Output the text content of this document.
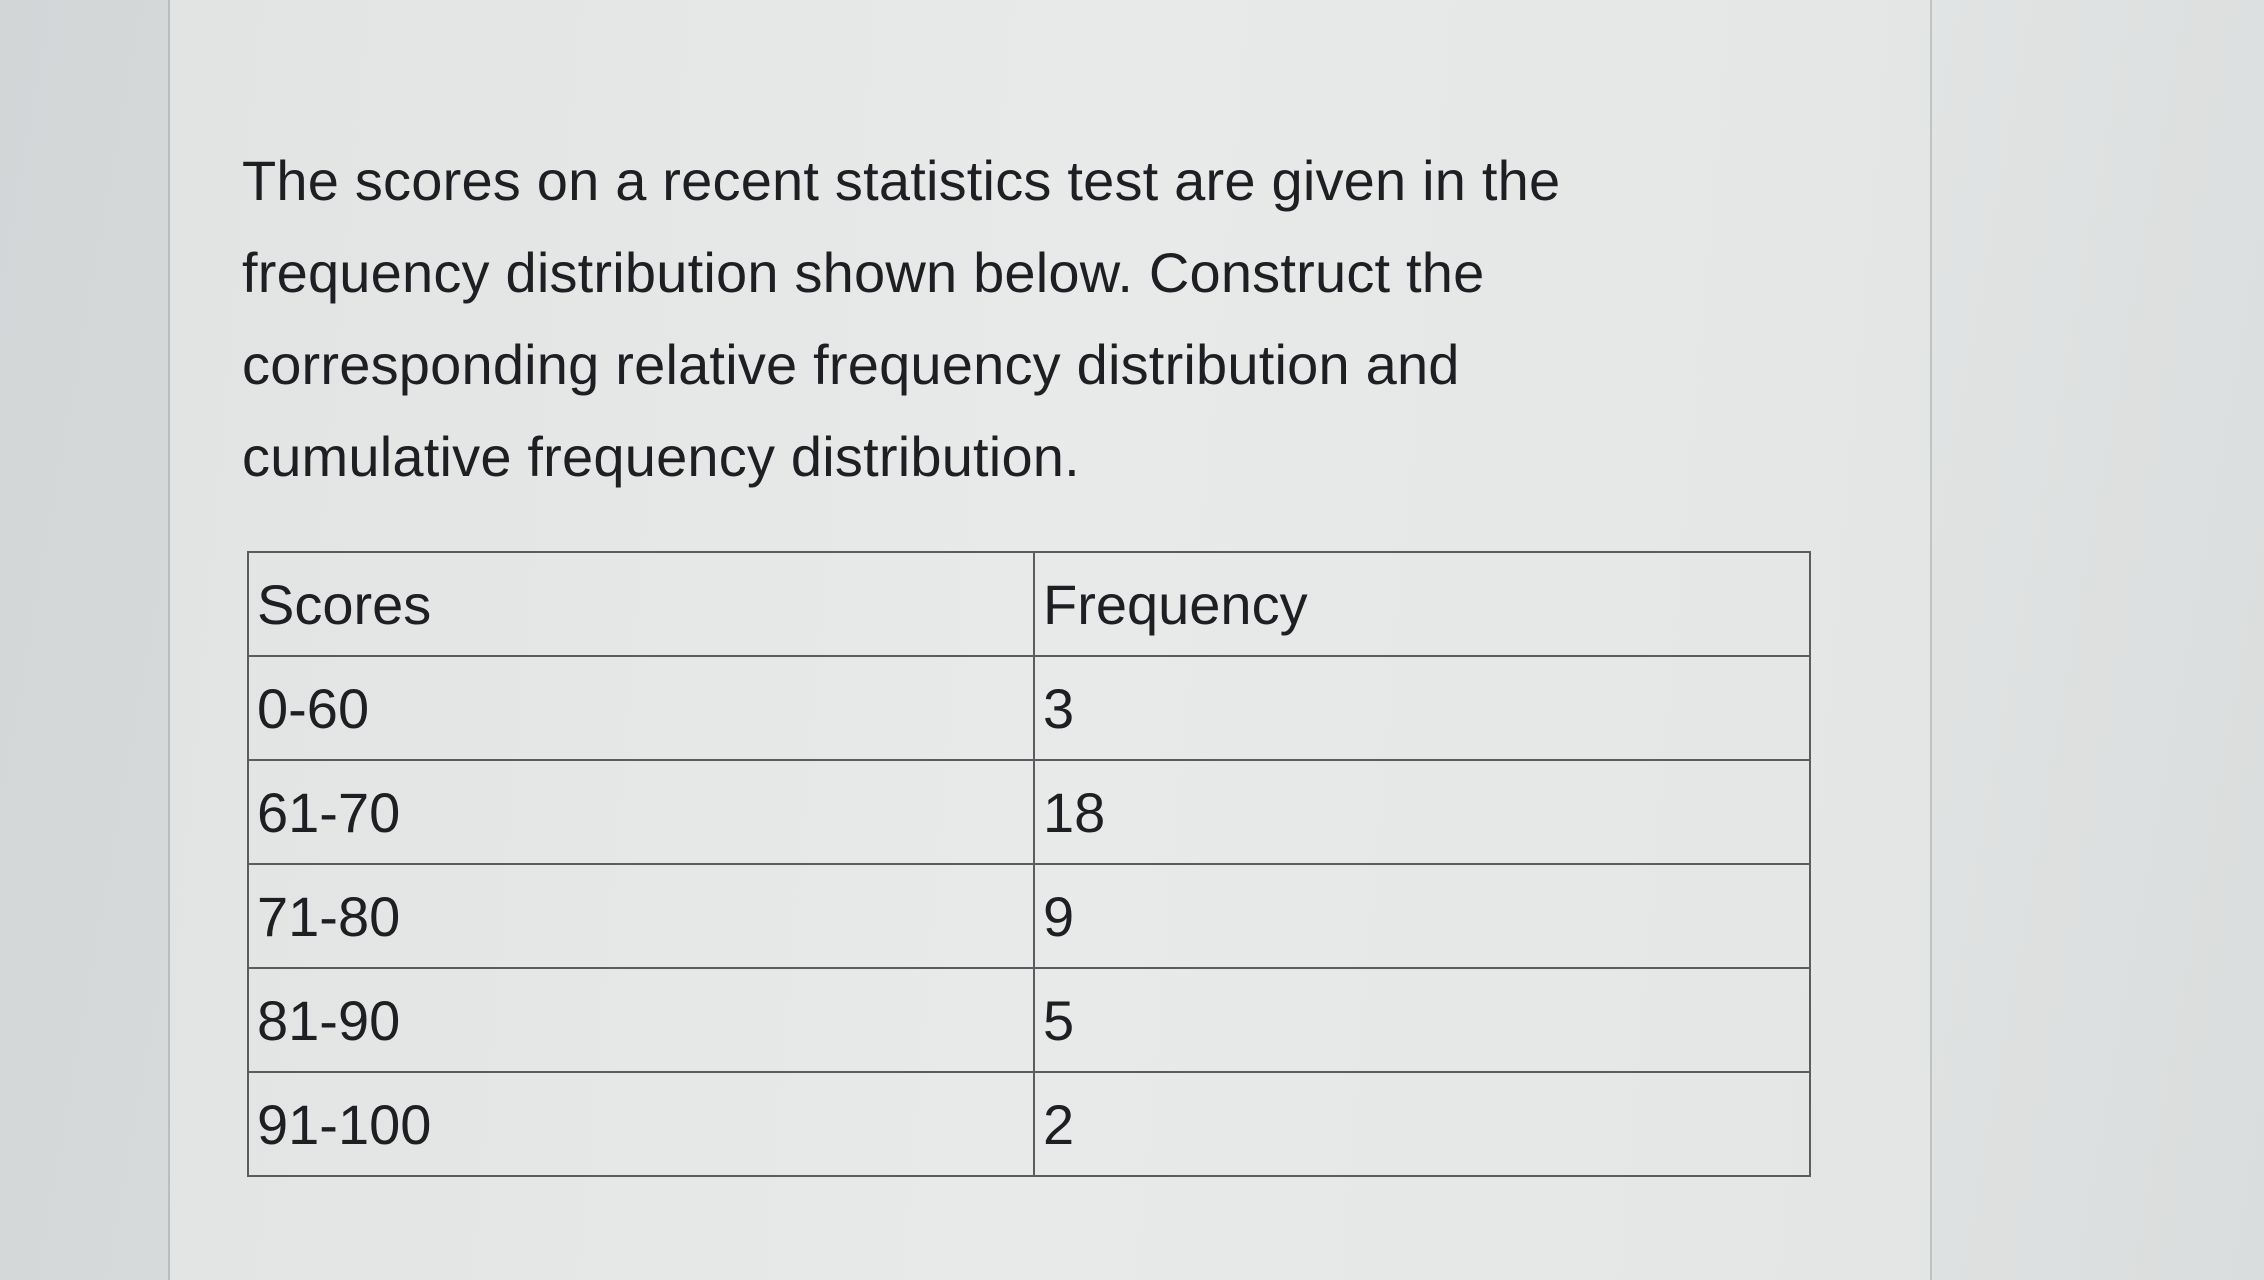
The scores on a recent statistics test are given in the
frequency distribution shown below. Construct the
corresponding relative frequency distribution and
cumulative frequency distribution.

Scores	Frequency
0-60	3
61-70	18
71-80	9
81-90	5
91-100	2
